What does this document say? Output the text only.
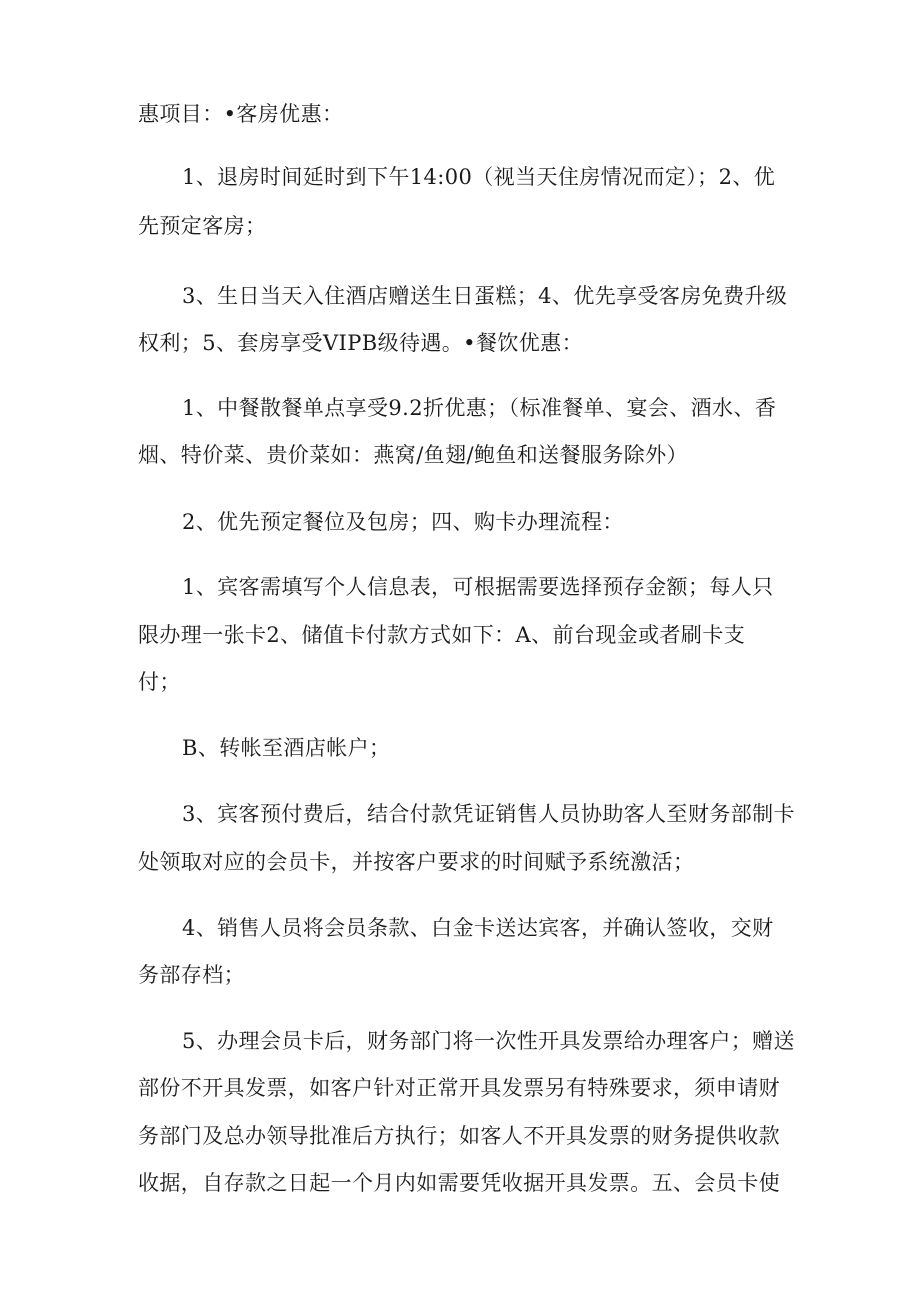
惠项目：•客房优惠：
1、退房时间延时到下午14:00（视当天住房情况而定）；2、优
先预定客房；
3、生日当天入住酒店赠送生日蛋糕；4、优先享受客房免费升级
权利；5、套房享受VIPB级待遇。•餐饮优惠：
1、中餐散餐单点享受9.2折优惠；（标准餐单、宴会、酒水、香
烟、特价菜、贵价菜如：燕窝/鱼翅/鲍鱼和送餐服务除外）
2、优先预定餐位及包房；四、购卡办理流程：
1、宾客需填写个人信息表，可根据需要选择预存金额；每人只
限办理一张卡2、储值卡付款方式如下：A、前台现金或者刷卡支
付；
B、转帐至酒店帐户；
3、宾客预付费后，结合付款凭证销售人员协助客人至财务部制卡
处领取对应的会员卡，并按客户要求的时间赋予系统激活；
4、销售人员将会员条款、白金卡送达宾客，并确认签收，交财
务部存档；
5、办理会员卡后，财务部门将一次性开具发票给办理客户；赠送
部份不开具发票，如客户针对正常开具发票另有特殊要求，须申请财
务部门及总办领导批准后方执行；如客人不开具发票的财务提供收款
收据，自存款之日起一个月内如需要凭收据开具发票。五、会员卡使
